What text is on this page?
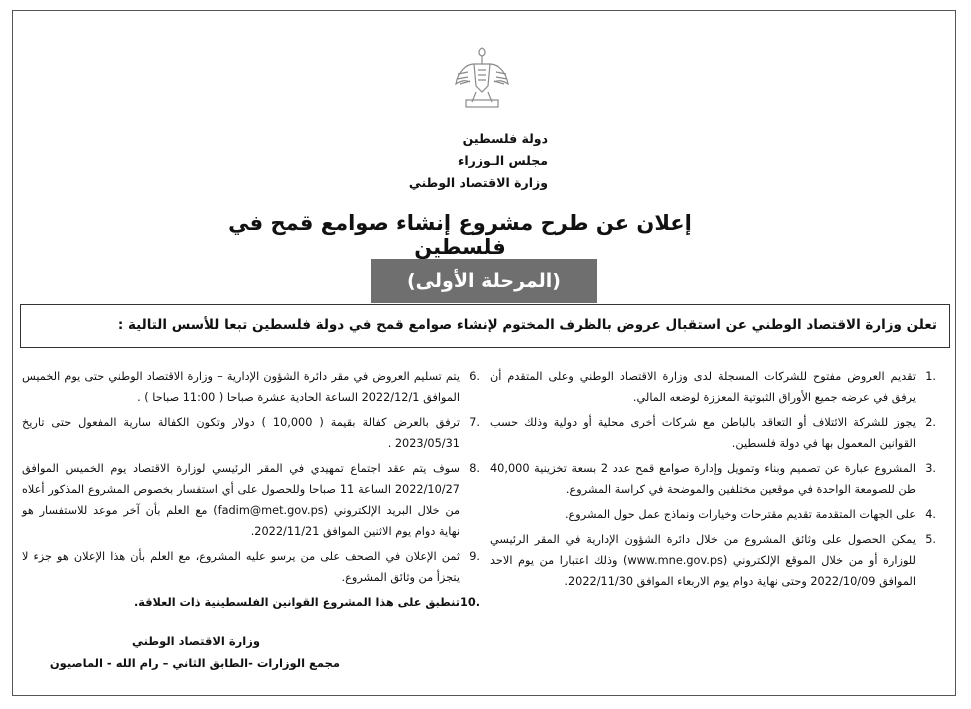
دولة فلسطين
مجلس الـوزراء
وزارة الاقتصاد الوطني
إعلان عن طرح مشروع إنشاء صوامع قمح في فلسطين
(المرحلة الأولى)
تعلن وزارة الاقتصاد الوطني عن استقبال عروض بالظرف المختوم لإنشاء صوامع قمح في دولة فلسطين تبعا للأسس التالية :
.1
تقديم العروض مفتوح للشركات المسجلة لدى وزارة الاقتصاد الوطني وعلى المتقدم أن يرفق في عرضه جميع الأوراق الثبوتية المعززة لوضعه المالي.
.2
يجوز للشركة الائتلاف أو التعاقد بالباطن مع شركات أخرى محلية أو دولية وذلك حسب القوانين المعمول بها في دولة فلسطين.
.3
المشروع عبارة عن تصميم وبناء وتمويل وإدارة صوامع قمح عدد 2 بسعة تخزينية 40,000 طن للصومعة الواحدة في موقعين مختلفين والموضحة في كراسة المشروع.
.4
على الجهات المتقدمة تقديم مقترحات وخيارات ونماذج عمل حول المشروع.
.5
يمكن الحصول على وثائق المشروع من خلال دائرة الشؤون الإدارية في المقر الرئيسي للوزارة أو من خلال الموقع الإلكتروني (www.mne.gov.ps) وذلك اعتبارا من يوم الاحد الموافق 2022/10/09 وحتى نهاية دوام يوم الاربعاء الموافق 2022/11/30.
.6
يتم تسليم العروض في مقر دائرة الشؤون الإدارية – وزارة الاقتصاد الوطني حتى يوم الخميس الموافق 2022/12/1 الساعة الحادية عشرة صباحا ( 11:00 صباحا ) .
.7
ترفق بالعرض كفالة بقيمة ( 10,000 ) دولار وتكون الكفالة سارية المفعول حتى تاريخ 2023/05/31 .
.8
سوف يتم عقد اجتماع تمهيدي في المقر الرئيسي لوزارة الاقتصاد يوم الخميس الموافق 2022/10/27 الساعة 11 صباحا وللحصول على أي استفسار بخصوص المشروع المذكور أعلاه من خلال البريد الإلكتروني (fadim@met.gov.ps) مع العلم بأن آخر موعد للاستفسار هو نهاية دوام يوم الاثنين الموافق 2022/11/21.
.9
ثمن الإعلان في الصحف على من يرسو عليه المشروع، مع العلم بأن هذا الإعلان هو جزء لا يتجزأ من وثائق المشروع.
.10
تنطبق على هذا المشروع القوانين الفلسطينية ذات العلاقة.
وزارة الاقتصاد الوطني
مجمع الوزارات -الطابق الثاني – رام الله - الماصيون
